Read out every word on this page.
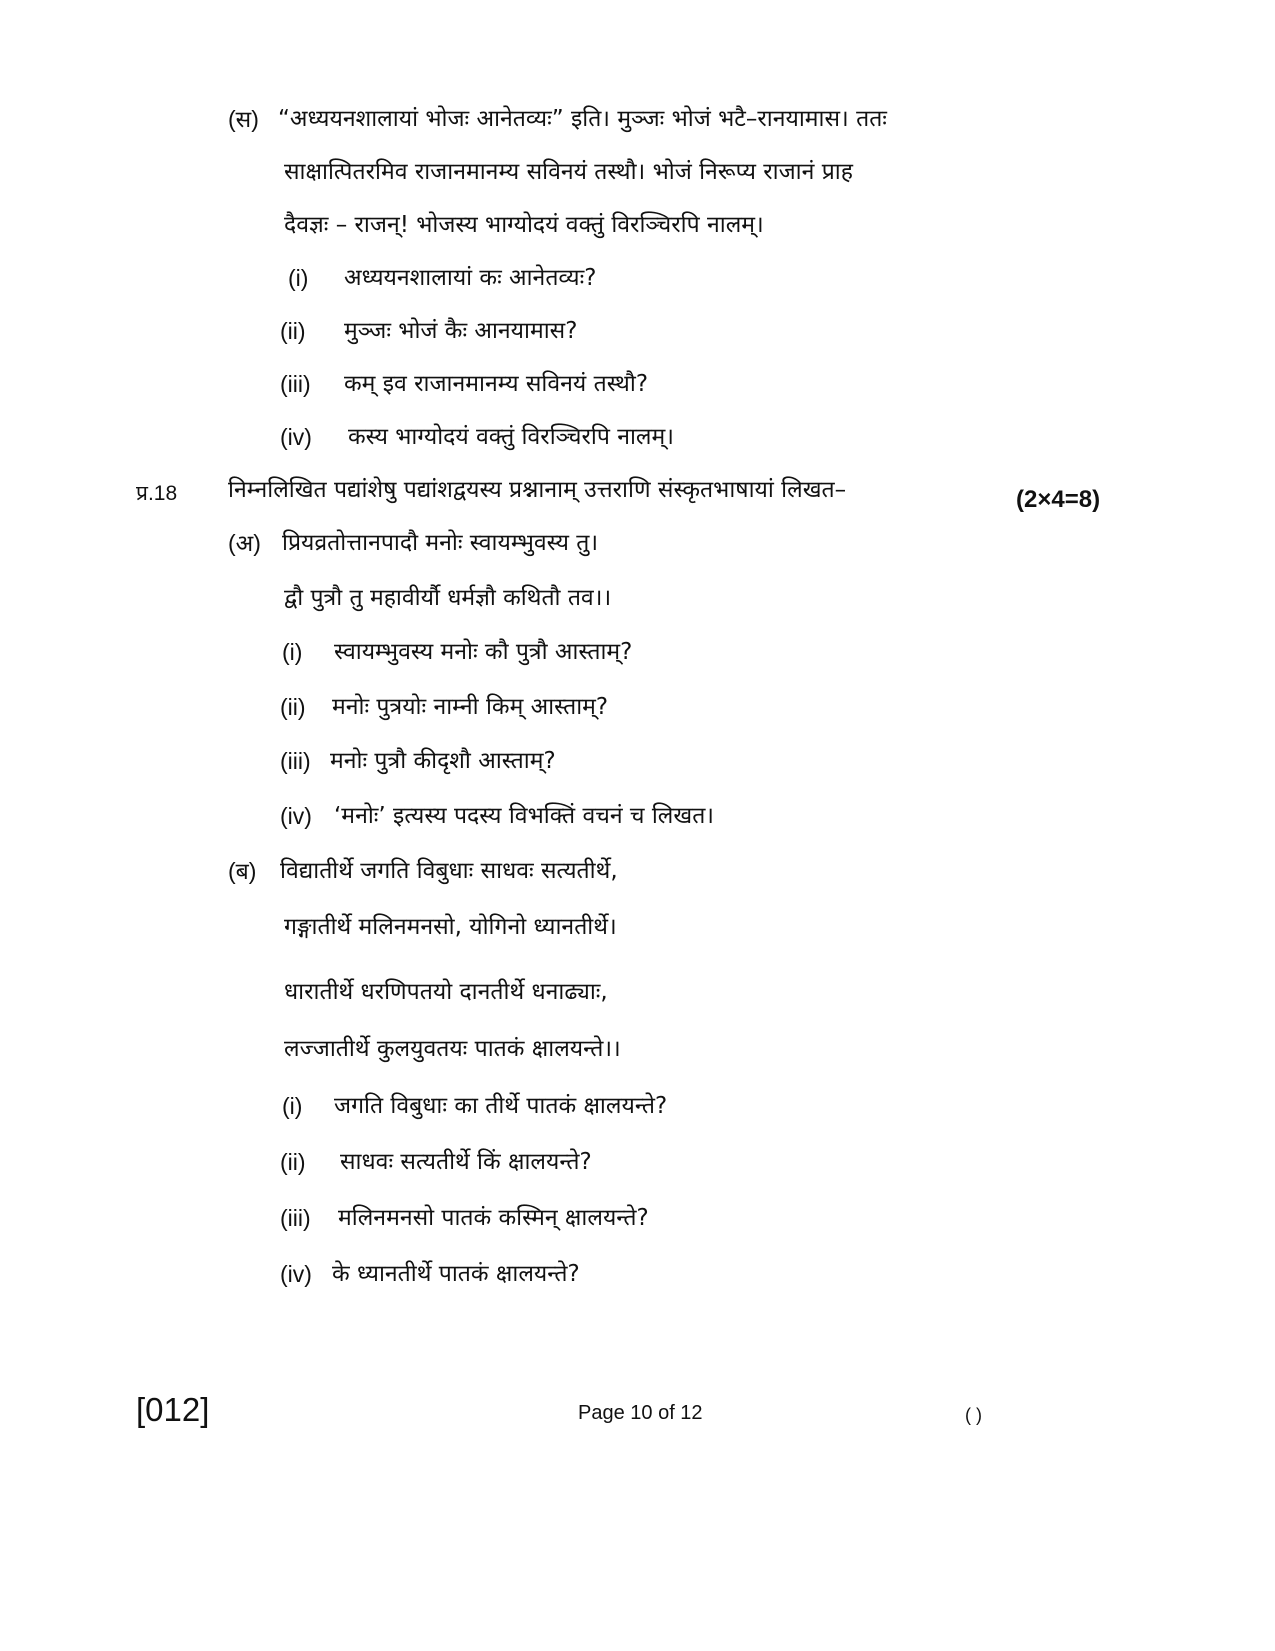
(स) “अध्ययनशालायां भोजः आनेतव्यः” इति। मुञ्जः भोजं भटै–रानयामास। ततः
साक्षात्पितरमिव राजानमानम्य सविनयं तस्थौ। भोजं निरूप्य राजानं प्राह
दैवज्ञः – राजन्! भोजस्य भाग्योदयं वक्तुं विरञ्चिरपि नालम्।
(i) अध्ययनशालायां कः आनेतव्यः?
(ii) मुञ्जः भोजं कैः आनयामास?
(iii) कम् इव राजानमानम्य सविनयं तस्थौ?
(iv) कस्य भाग्योदयं वक्तुं विरञ्चिरपि नालम्।
प्र.18 निम्नलिखित पद्यांशेषु पद्यांशद्वयस्य प्रश्नानाम् उत्तराणि संस्कृतभाषायां लिखत–	(2×4=8)
(अ) प्रियव्रतोत्तानपादौ मनोः स्वायम्भुवस्य तु।
द्वौ पुत्रौ तु महावीर्यौ धर्मज्ञौ कथितौ तव।।
(i) स्वायम्भुवस्य मनोः कौ पुत्रौ आस्ताम्?
(ii) मनोः पुत्रयोः नाम्नी किम् आस्ताम्?
(iii) मनोः पुत्रौ कीदृशौ आस्ताम्?
(iv) ‘मनोः’ इत्यस्य पदस्य विभक्तिं वचनं च लिखत।
(ब) विद्यातीर्थे जगति विबुधाः साधवः सत्यतीर्थे,
गङ्गातीर्थे मलिनमनसो, योगिनो ध्यानतीर्थे।
धारातीर्थे धरणिपतयो दानतीर्थे धनाढ्याः,
लज्जातीर्थे कुलयुवतयः पातकं क्षालयन्ते।।
(i) जगति विबुधाः का तीर्थे पातकं क्षालयन्ते?
(ii) साधवः सत्यतीर्थे किं क्षालयन्ते?
(iii) मलिनमनसो पातकं कस्मिन् क्षालयन्ते?
(iv) के ध्यानतीर्थे पातकं क्षालयन्ते?
[012]	Page 10 of 12	( )
